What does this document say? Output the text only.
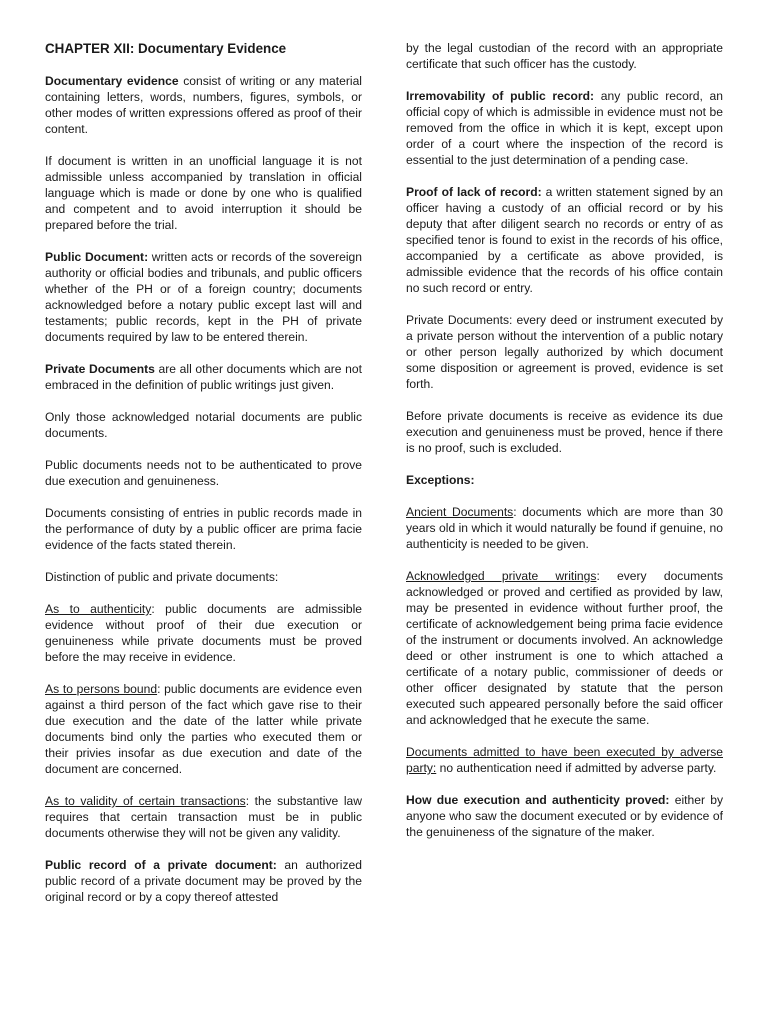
CHAPTER XII: Documentary Evidence

Documentary evidence consist of writing or any material containing letters, words, numbers, figures, symbols, or other modes of written expressions offered as proof of their content.

If document is written in an unofficial language it is not admissible unless accompanied by translation in official language which is made or done by one who is qualified and competent and to avoid interruption it should be prepared before the trial.

Public Document: written acts or records of the sovereign authority or official bodies and tribunals, and public officers whether of the PH or of a foreign country; documents acknowledged before a notary public except last will and testaments; public records, kept in the PH of private documents required by law to be entered therein.

Private Documents are all other documents which are not embraced in the definition of public writings just given.

Only those acknowledged notarial documents are public documents.

Public documents needs not to be authenticated to prove due execution and genuineness.

Documents consisting of entries in public records made in the performance of duty by a public officer are prima facie evidence of the facts stated therein.

Distinction of public and private documents:

As to authenticity: public documents are admissible evidence without proof of their due execution or genuineness while private documents must be proved before the may receive in evidence.

As to persons bound: public documents are evidence even against a third person of the fact which gave rise to their due execution and the date of the latter while private documents bind only the parties who executed them or their privies insofar as due execution and date of the document are concerned.

As to validity of certain transactions: the substantive law requires that certain transaction must be in public documents otherwise they will not be given any validity.

Public record of a private document: an authorized public record of a private document may be proved by the original record or by a copy thereof attested

by the legal custodian of the record with an appropriate certificate that such officer has the custody.

Irremovability of public record: any public record, an official copy of which is admissible in evidence must not be removed from the office in which it is kept, except upon order of a court where the inspection of the record is essential to the just determination of a pending case.

Proof of lack of record: a written statement signed by an officer having a custody of an official record or by his deputy that after diligent search no records or entry of as specified tenor is found to exist in the records of his office, accompanied by a certificate as above provided, is admissible evidence that the records of his office contain no such record or entry.

Private Documents: every deed or instrument executed by a private person without the intervention of a public notary or other person legally authorized by which document some disposition or agreement is proved, evidence is set forth.

Before private documents is receive as evidence its due execution and genuineness must be proved, hence if there is no proof, such is excluded.

Exceptions:

Ancient Documents: documents which are more than 30 years old in which it would naturally be found if genuine, no authenticity is needed to be given.

Acknowledged private writings: every documents acknowledged or proved and certified as provided by law, may be presented in evidence without further proof, the certificate of acknowledgement being prima facie evidence of the instrument or documents involved. An acknowledge deed or other instrument is one to which attached a certificate of a notary public, commissioner of deeds or other officer designated by statute that the person executed such appeared personally before the said officer and acknowledged that he execute the same.

Documents admitted to have been executed by adverse party: no authentication need if admitted by adverse party.

How due execution and authenticity proved: either by anyone who saw the document executed or by evidence of the genuineness of the signature of the maker.
